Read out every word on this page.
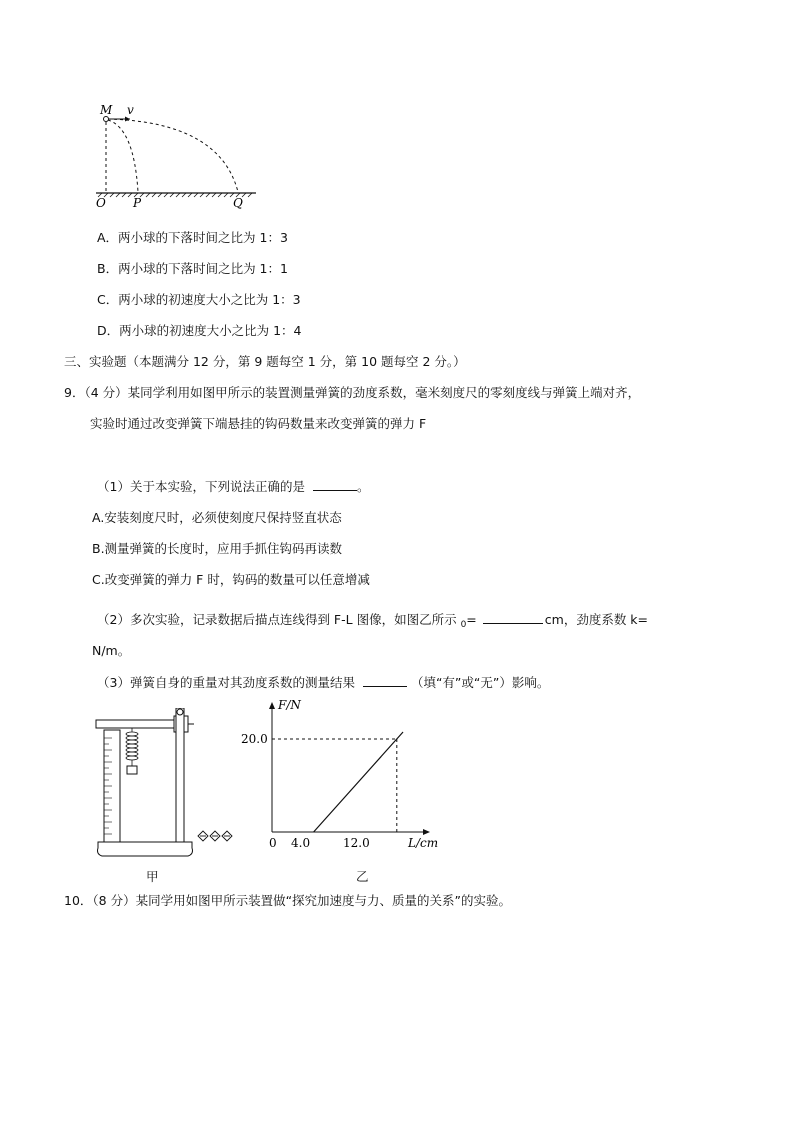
M v
O P	Q
A．两小球的下落时间之比为 1：3
B．两小球的下落时间之比为 1：1
C．两小球的初速度大小之比为 1：3
D．两小球的初速度大小之比为 1：4
三、实验题（本题满分 12 分，第 9 题每空 1 分，第 10 题每空 2 分。）
9．（4 分）某同学利用如图甲所示的装置测量弹簧的劲度系数，毫米刻度尺的零刻度线与弹簧上端对齐，
实验时通过改变弹簧下端悬挂的钩码数量来改变弹簧的弹力 F
（1）关于本实验，下列说法正确的是	。
A.安装刻度尺时，必须使刻度尺保持竖直状态
B.测量弹簧的长度时，应用手抓住钩码再读数
C.改变弹簧的弹力 F 时，钩码的数量可以任意增减
（2）多次实验，记录数据后描点连线得到 F-L 图像，如图乙所示 $_0$=	cm，劲度系数 k=
N/m。
（3）弹簧自身的重量对其劲度系数的测量结果	（填“有”或“无”）影响。
甲
F/N
L/cm
0 4.0	12.0
20.0
乙
10．（8 分）某同学用如图甲所示装置做“探究加速度与力、质量的关系”的实验。
